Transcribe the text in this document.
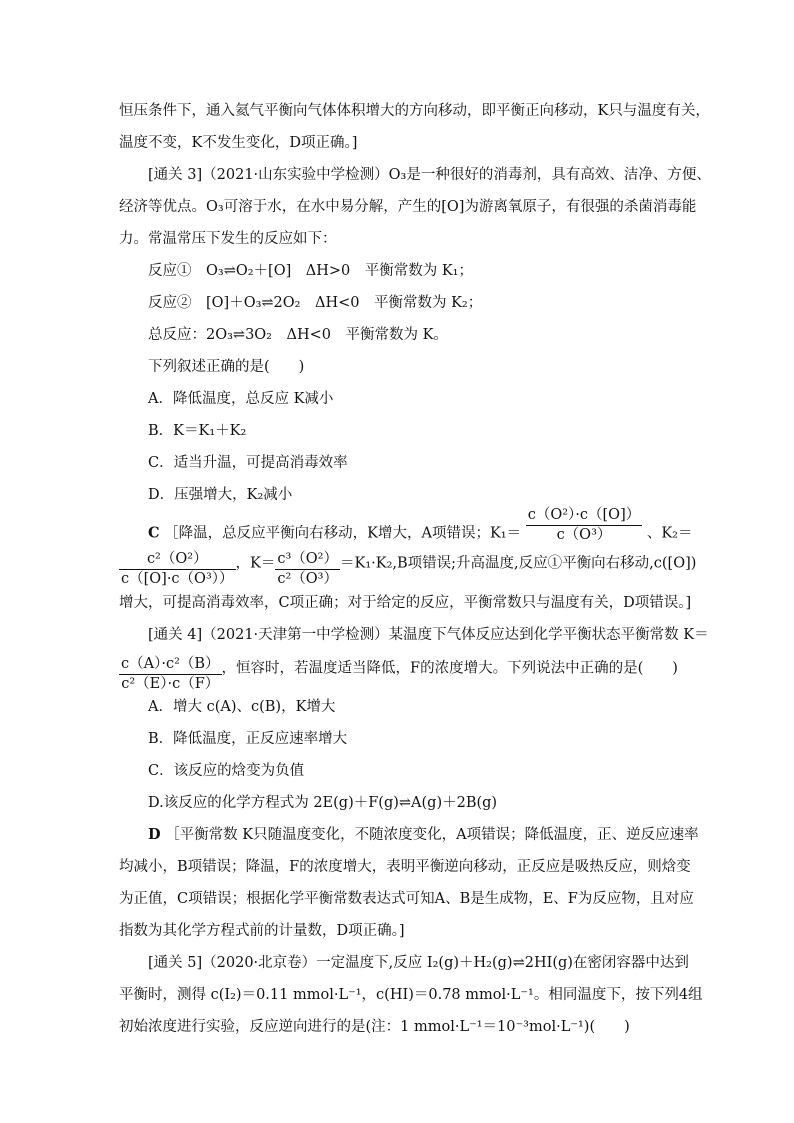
恒压条件下，通入氦气平衡向气体体积增大的方向移动，即平衡正向移动，K只与温度有关，
温度不变，K不发生变化，D项正确。]
[通关 3]（2021·山东实验中学检测）O₃是一种很好的消毒剂，具有高效、洁净、方便、
经济等优点。O₃可溶于水，在水中易分解，产生的[O]为游离氧原子，有很强的杀菌消毒能
力。常温常压下发生的反应如下：
反应①　O₃⇌O₂＋[O]　ΔH>0　平衡常数为 K₁；
反应②　[O]＋O₃⇌2O₂　ΔH<0　平衡常数为 K₂；
总反应：2O₃⇌3O₂　ΔH<0　平衡常数为 K。
下列叙述正确的是(　　)
A．降低温度，总反应 K减小
B．K＝K₁＋K₂
C．适当升温，可提高消毒效率
D．压强增大，K₂减小
C ［降温，总反应平衡向右移动，K增大，A项错误；$K_1= \frac{\text{c（O²）·c（[O]）}}{\text{c（O³）}}$ 、K₂＝
$\frac{\text{c²（O²）}}{\text{c（[O]·c（O³））}}$ ，$K= \frac{\text{c³（O²）}}{\text{c²（O³）}} =K_1\cdot K_2,B$项错误;升高温度,反应①平衡向右移动,c([O])
增大，可提高消毒效率，C项正确；对于给定的反应，平衡常数只与温度有关，D项错误。]
[通关 4]（2021·天津第一中学检测）某温度下气体反应达到化学平衡状态平衡常数 K＝
$\frac{\text{c（A）·c²（B）}}{\text{c²（E）·c（F）}}$ ，恒容时，若温度适当降低，F的浓度增大。下列说法中正确的是(　　)
A．增大 c(A)、c(B)，K增大
B．降低温度，正反应速率增大
C．该反应的焓变为负值
D.该反应的化学方程式为 2E(g)＋F(g)⇌A(g)＋2B(g)
D ［平衡常数 K只随温度变化，不随浓度变化，A项错误；降低温度，正、逆反应速率
均减小，B项错误；降温，F的浓度增大，表明平衡逆向移动，正反应是吸热反应，则焓变
为正值，C项错误；根据化学平衡常数表达式可知A、B是生成物，E、F为反应物，且对应
指数为其化学方程式前的计量数，D项正确。]
[通关 5]（2020·北京卷）一定温度下,反应 I₂(g)＋H₂(g)⇌2HI(g)在密闭容器中达到
平衡时，测得 c(I₂)＝0.11 mmol·L⁻¹，c(HI)＝0.78 mmol·L⁻¹。相同温度下，按下列4组
初始浓度进行实验，反应逆向进行的是(注：1 mmol·L⁻¹＝10⁻³mol·L⁻¹)(　　)
